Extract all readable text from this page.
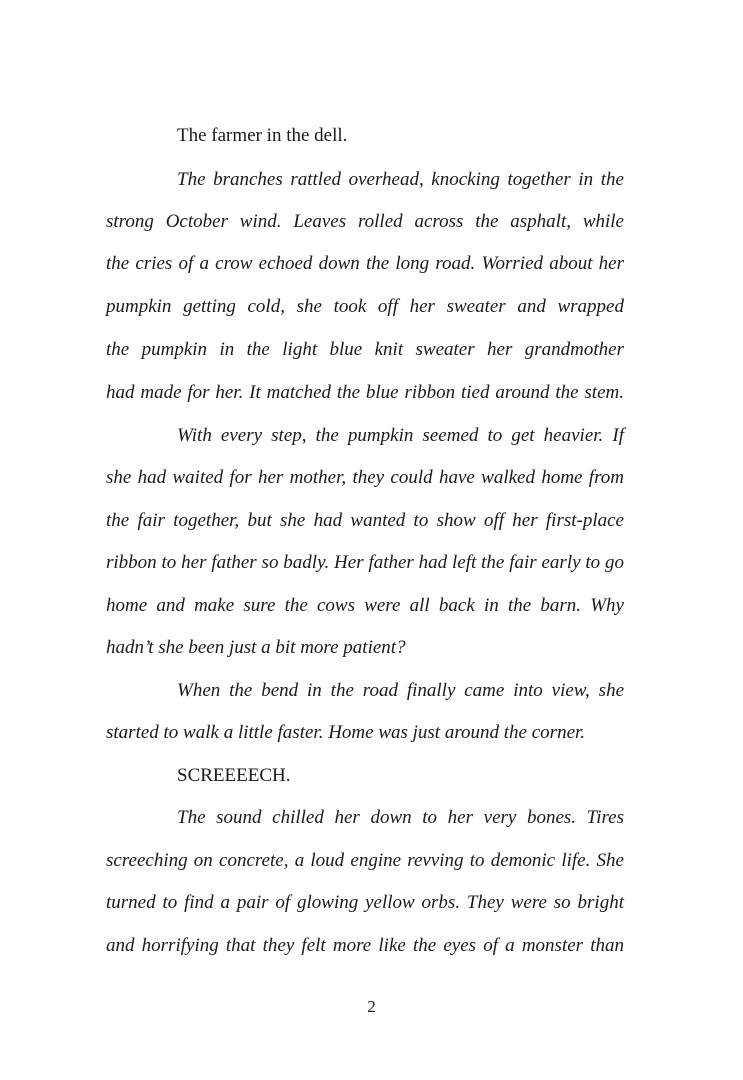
The farmer in the dell.
The branches rattled overhead, knocking together in the
strong October wind. Leaves rolled across the asphalt, while
the cries of a crow echoed down the long road. Worried about her
pumpkin getting cold, she took off her sweater and wrapped
the pumpkin in the light blue knit sweater her grandmother
had made for her. It matched the blue ribbon tied around the stem.
With every step, the pumpkin seemed to get heavier. If
she had waited for her mother, they could have walked home from
the fair together, but she had wanted to show off her first-place
ribbon to her father so badly. Her father had left the fair early to go
home and make sure the cows were all back in the barn. Why
hadn’t she been just a bit more patient?
When the bend in the road finally came into view, she
started to walk a little faster. Home was just around the corner.
SCREEEECH.
The sound chilled her down to her very bones. Tires
screeching on concrete, a loud engine revving to demonic life. She
turned to find a pair of glowing yellow orbs. They were so bright
and horrifying that they felt more like the eyes of a monster than
2
